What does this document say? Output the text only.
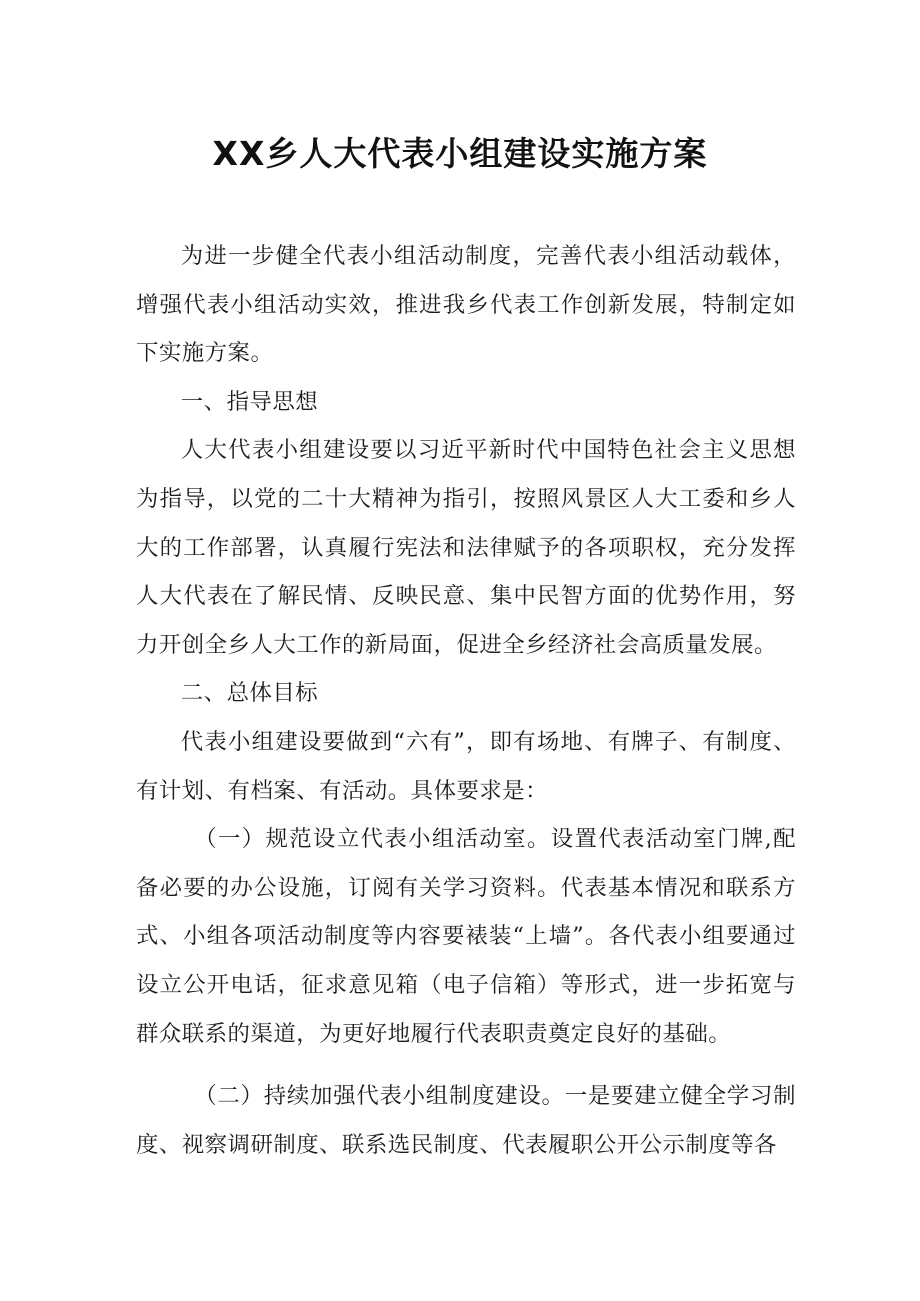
XX乡人大代表小组建设实施方案

为进一步健全代表小组活动制度，完善代表小组活动载体，增强代表小组活动实效，推进我乡代表工作创新发展，特制定如下实施方案。

一、指导思想

人大代表小组建设要以习近平新时代中国特色社会主义思想为指导，以党的二十大精神为指引，按照风景区人大工委和乡人大的工作部署，认真履行宪法和法律赋予的各项职权，充分发挥人大代表在了解民情、反映民意、集中民智方面的优势作用，努力开创全乡人大工作的新局面，促进全乡经济社会高质量发展。

二、总体目标

代表小组建设要做到“六有”，即有场地、有牌子、有制度、有计划、有档案、有活动。具体要求是：

（一）规范设立代表小组活动室。设置代表活动室门牌,配备必要的办公设施，订阅有关学习资料。代表基本情况和联系方式、小组各项活动制度等内容要裱装“上墙”。各代表小组要通过设立公开电话，征求意见箱（电子信箱）等形式，进一步拓宽与群众联系的渠道，为更好地履行代表职责奠定良好的基础。

（二）持续加强代表小组制度建设。一是要建立健全学习制度、视察调研制度、联系选民制度、代表履职公开公示制度等各
